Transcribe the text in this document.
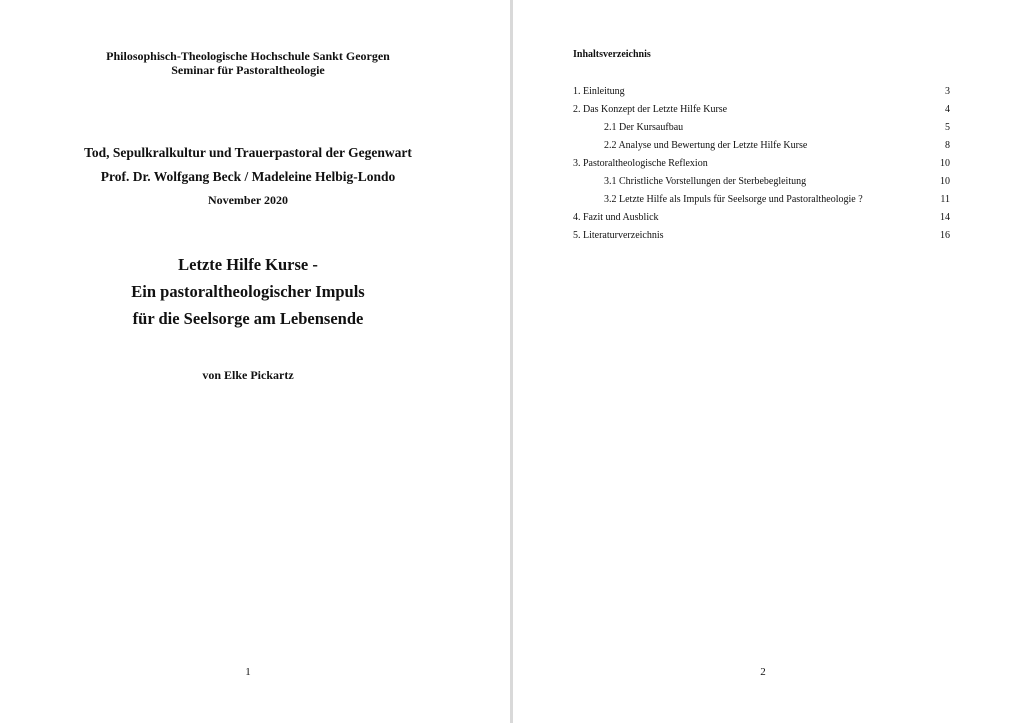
Philosophisch-Theologische Hochschule Sankt Georgen
Seminar für Pastoraltheologie
Tod, Sepulkralkultur und Trauerpastoral der Gegenwart
Prof. Dr. Wolfgang Beck / Madeleine Helbig-Londo
November 2020
Letzte Hilfe Kurse -
Ein pastoraltheologischer Impuls
für die Seelsorge am Lebensende
von Elke Pickartz
1
Inhaltsverzeichnis
1. Einleitung	3
2. Das Konzept der Letzte Hilfe Kurse	4
2.1 Der Kursaufbau	5
2.2 Analyse und Bewertung der Letzte Hilfe Kurse	8
3. Pastoraltheologische Reflexion	10
3.1 Christliche Vorstellungen der Sterbebegleitung	10
3.2 Letzte Hilfe als Impuls für Seelsorge und Pastoraltheologie ?	11
4. Fazit und Ausblick	14
5. Literaturverzeichnis	16
2
